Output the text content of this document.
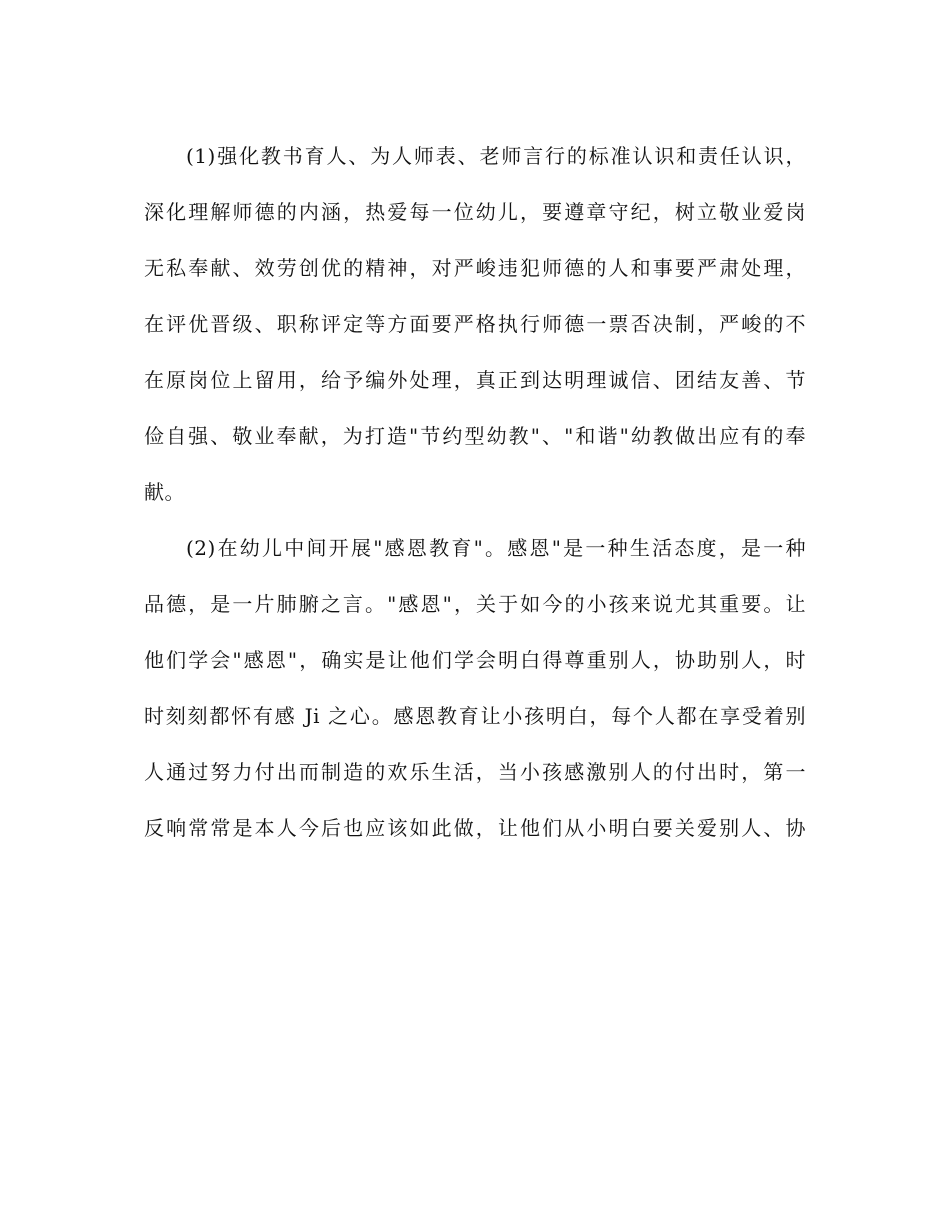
(1)强化教书育人、为人师表、老师言行的标准认识和责任认识，
深化理解师德的内涵，热爱每一位幼儿，要遵章守纪，树立敬业爱岗
无私奉献、效劳创优的精神，对严峻违犯师德的人和事要严肃处理，
在评优晋级、职称评定等方面要严格执行师德一票否决制，严峻的不
在原岗位上留用，给予编外处理，真正到达明理诚信、团结友善、节
俭自强、敬业奉献，为打造"节约型幼教"、"和谐"幼教做出应有的奉
献。
(2)在幼儿中间开展"感恩教育"。感恩"是一种生活态度，是一种
品德，是一片肺腑之言。"感恩"，关于如今的小孩来说尤其重要。让
他们学会"感恩"，确实是让他们学会明白得尊重别人，协助别人，时
时刻刻都怀有感 Ji 之心。感恩教育让小孩明白，每个人都在享受着别
人通过努力付出而制造的欢乐生活，当小孩感激别人的付出时，第一
反响常常是本人今后也应该如此做，让他们从小明白要关爱别人、协
